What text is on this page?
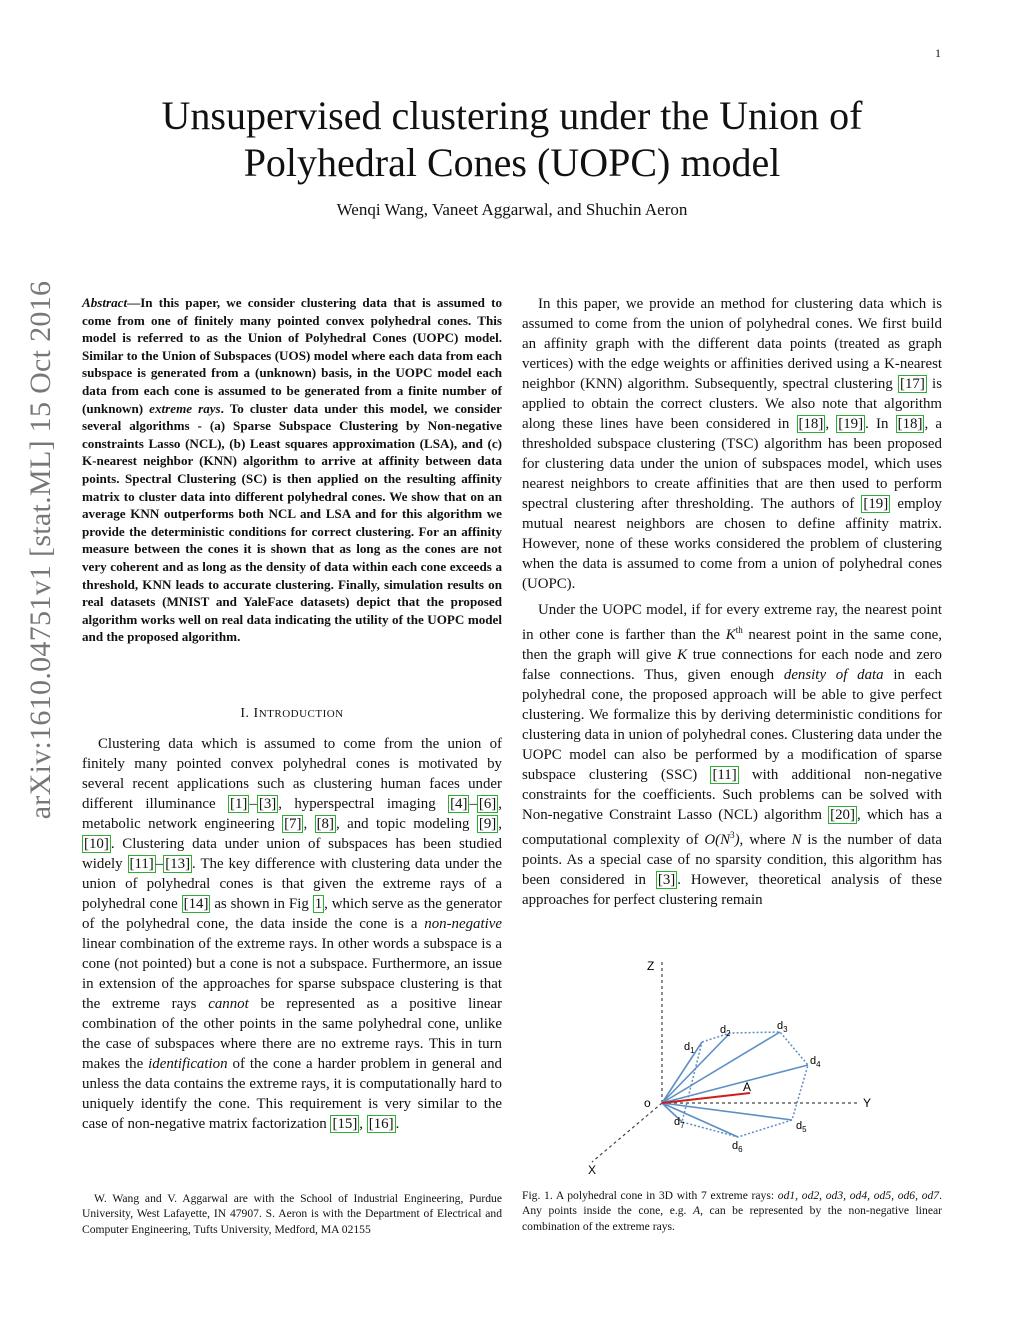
1
arXiv:1610.04751v1 [stat.ML] 15 Oct 2016
Unsupervised clustering under the Union of
Polyhedral Cones (UOPC) model
Wenqi Wang, Vaneet Aggarwal, and Shuchin Aeron
Abstract—In this paper, we consider clustering data that is assumed to come from one of finitely many pointed convex polyhedral cones. This model is referred to as the Union of Polyhedral Cones (UOPC) model. Similar to the Union of Subspaces (UOS) model where each data from each subspace is generated from a (unknown) basis, in the UOPC model each data from each cone is assumed to be generated from a finite number of (unknown) extreme rays. To cluster data under this model, we consider several algorithms - (a) Sparse Subspace Clustering by Non-negative constraints Lasso (NCL), (b) Least squares approximation (LSA), and (c) K-nearest neighbor (KNN) algorithm to arrive at affinity between data points. Spectral Clustering (SC) is then applied on the resulting affinity matrix to cluster data into different polyhedral cones. We show that on an average KNN outperforms both NCL and LSA and for this algorithm we provide the deterministic conditions for correct clustering. For an affinity measure between the cones it is shown that as long as the cones are not very coherent and as long as the density of data within each cone exceeds a threshold, KNN leads to accurate clustering. Finally, simulation results on real datasets (MNIST and YaleFace datasets) depict that the proposed algorithm works well on real data indicating the utility of the UOPC model and the proposed algorithm.
I. INTRODUCTION

Clustering data which is assumed to come from the union of finitely many pointed convex polyhedral cones is motivated by several recent applications such as clustering human faces under different illuminance [1] – [3] , hyperspectral imaging [4] – [6] , metabolic network engineering [7] , [8] , and topic modeling [9] , [10] . Clustering data under union of subspaces has been studied widely [11] – [13] . The key difference with clustering data under the union of polyhedral cones is that given the extreme rays of a polyhedral cone [14] as shown in Fig 1 , which serve as the generator of the polyhedral cone, the data inside the cone is a non-negative linear combination of the extreme rays. In other words a subspace is a cone (not pointed) but a cone is not a subspace. Furthermore, an issue in extension of the approaches for sparse subspace clustering is that the extreme rays cannot be represented as a positive linear combination of the other points in the same polyhedral cone, unlike the case of subspaces where there are no extreme rays. This in turn makes the identification of the cone a harder problem in general and unless the data contains the extreme rays, it is computationally hard to uniquely identify the cone. This requirement is very similar to the case of non-negative matrix factorization [15] , [16] .

W. Wang and V. Aggarwal are with the School of Industrial Engineering, Purdue University, West Lafayette, IN 47907. S. Aeron is with the Department of Electrical and Computer Engineering, Tufts University, Medford, MA 02155

In this paper, we provide an method for clustering data which is assumed to come from the union of polyhedral cones. We first build an affinity graph with the different data points (treated as graph vertices) with the edge weights or affinities derived using a K-nearest neighbor (KNN) algorithm. Subsequently, spectral clustering [17] is applied to obtain the correct clusters. We also note that algorithm along these lines have been considered in [18] , [19] . In [18] , a thresholded subspace clustering (TSC) algorithm has been proposed for clustering data under the union of subspaces model, which uses nearest neighbors to create affinities that are then used to perform spectral clustering after thresholding. The authors of [19] employ mutual nearest neighbors are chosen to define affinity matrix. However, none of these works considered the problem of clustering when the data is assumed to come from a union of polyhedral cones (UOPC).

Under the UOPC model, if for every extreme ray, the nearest point in other cone is farther than the $K^{th}$ nearest point in the same cone, then the graph will give K true connections for each node and zero false connections. Thus, given enough density of data in each polyhedral cone, the proposed approach will be able to give perfect clustering. We formalize this by deriving deterministic conditions for clustering data in union of polyhedral cones. Clustering data under the UOPC model can also be performed by a modification of sparse subspace clustering (SSC) [11] with additional non-negative constraints for the coefficients. Such problems can be solved with Non-negative Constraint Lasso (NCL) algorithm [20] , which has a computational complexity of $O(N^3)$, where N is the number of data points. As a special case of no sparsity condition, this algorithm has been considered in [3] . However, theoretical analysis of these approaches for perfect clustering remain

Z
Y
X
o
A
$d_1$
$d_2$
$d_3$
$d_4$
$d_5$
$d_6$
$d_7$
Fig. 1. A polyhedral cone in 3D with 7 extreme rays: od1, od2, od3, od4, od5, od6, od7. Any points inside the cone, e.g. A, can be represented by the non-negative linear combination of the extreme rays.
